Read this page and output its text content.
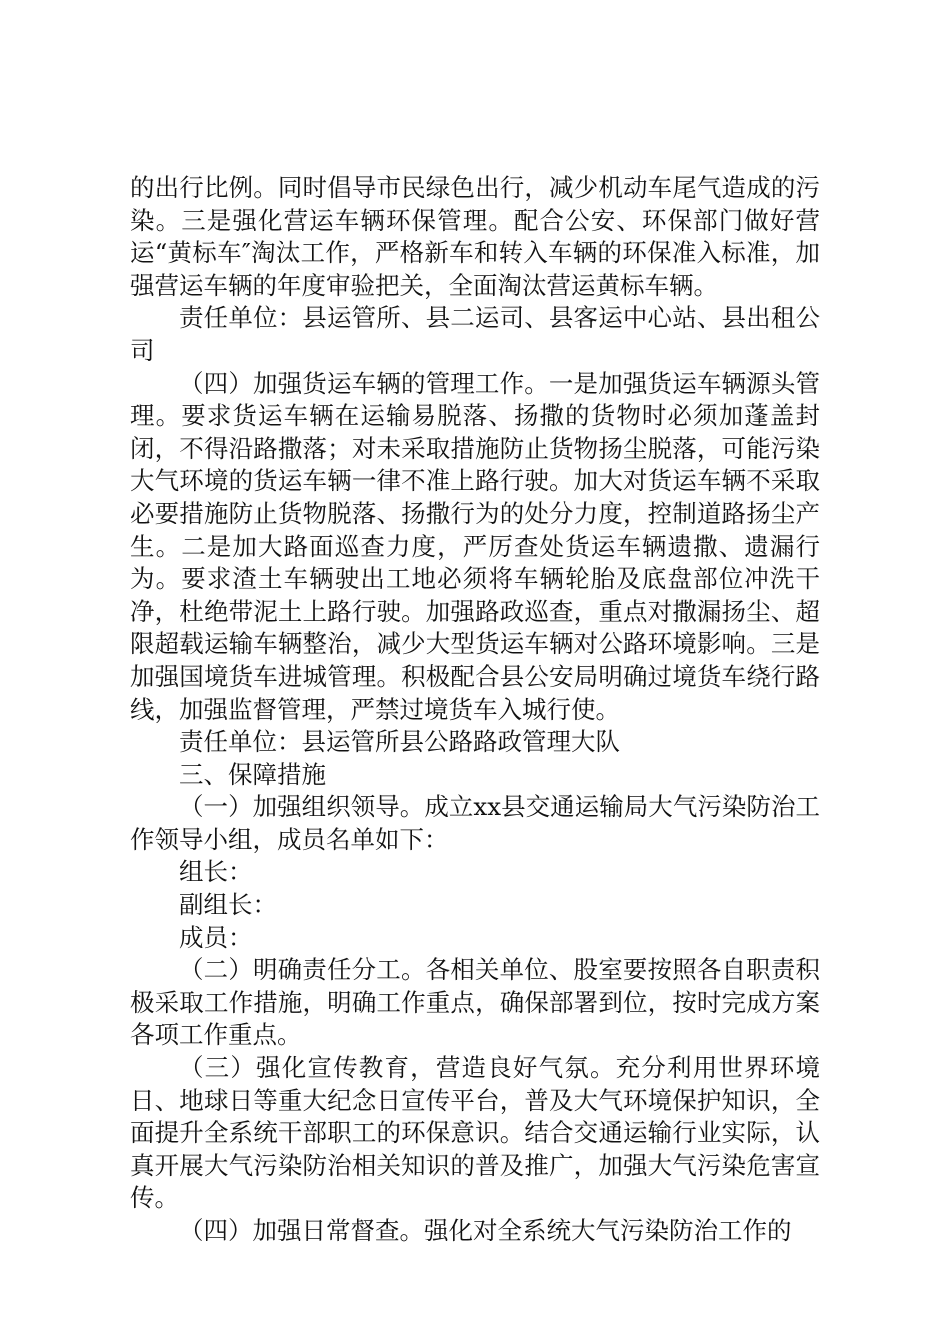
的出行比例。同时倡导市民绿色出行，减少机动车尾气造成的污染。三是强化营运车辆环保管理。配合公安、环保部门做好营运“黄标车″淘汰工作，严格新车和转入车辆的环保准入标准，加强营运车辆的年度审验把关，全面淘汰营运黄标车辆。

责任单位：县运管所、县二运司、县客运中心站、县出租公司

（四）加强货运车辆的管理工作。一是加强货运车辆源头管理。要求货运车辆在运输易脱落、扬撒的货物时必须加蓬盖封闭，不得沿路撒落；对未采取措施防止货物扬尘脱落，可能污染大气环境的货运车辆一律不准上路行驶。加大对货运车辆不采取必要措施防止货物脱落、扬撒行为的处分力度，控制道路扬尘产生。二是加大路面巡查力度，严厉查处货运车辆遗撒、遗漏行为。要求渣土车辆驶出工地必须将车辆轮胎及底盘部位冲洗干净，杜绝带泥土上路行驶。加强路政巡查，重点对撒漏扬尘、超限超载运输车辆整治，减少大型货运车辆对公路环境影响。三是加强国境货车进城管理。积极配合县公安局明确过境货车绕行路线，加强监督管理，严禁过境货车入城行使。

责任单位：县运管所县公路路政管理大队

三、保障措施

（一）加强组织领导。成立xx县交通运输局大气污染防治工作领导小组，成员名单如下：

组长：

副组长：

成员：

（二）明确责任分工。各相关单位、股室要按照各自职责积极采取工作措施，明确工作重点，确保部署到位，按时完成方案各项工作重点。

（三）强化宣传教育，营造良好气氛。充分利用世界环境日、地球日等重大纪念日宣传平台，普及大气环境保护知识，全面提升全系统干部职工的环保意识。结合交通运输行业实际，认真开展大气污染防治相关知识的普及推广，加强大气污染危害宣传。

（四）加强日常督查。强化对全系统大气污染防治工作的
